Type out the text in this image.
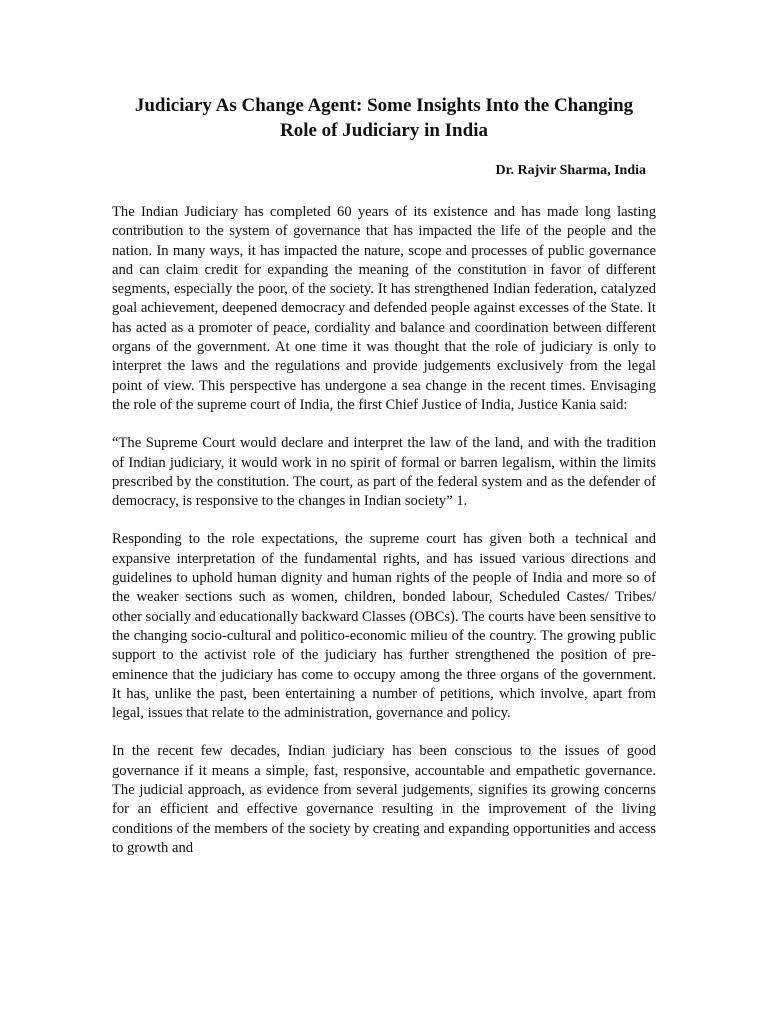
Judiciary As Change Agent: Some Insights Into the Changing Role of Judiciary in India
Dr. Rajvir Sharma, India

The Indian Judiciary has completed 60 years of its existence and has made long lasting contribution to the system of governance that has impacted the life of the people and the nation. In many ways, it has impacted the nature, scope and processes of public governance and can claim credit for expanding the meaning of the constitution in favor of different segments, especially the poor, of the society. It has strengthened Indian federation, catalyzed goal achievement, deepened democracy and defended people against excesses of the State. It has acted as a promoter of peace, cordiality and balance and coordination between different organs of the government. At one time it was thought that the role of judiciary is only to interpret the laws and the regulations and provide judgements exclusively from the legal point of view. This perspective has undergone a sea change in the recent times. Envisaging the role of the supreme court of India, the first Chief Justice of India, Justice Kania said:

“The Supreme Court would declare and interpret the law of the land, and with the tradition of Indian judiciary, it would work in no spirit of formal or barren legalism, within the limits prescribed by the constitution. The court, as part of the federal system and as the defender of democracy, is responsive to the changes in Indian society” 1.

Responding to the role expectations, the supreme court has given both a technical and expansive interpretation of the fundamental rights, and has issued various directions and guidelines to uphold human dignity and human rights of the people of India and more so of the weaker sections such as women, children, bonded labour, Scheduled Castes/ Tribes/ other socially and educationally backward Classes (OBCs). The courts have been sensitive to the changing socio-cultural and politico-economic milieu of the country. The growing public support to the activist role of the judiciary has further strengthened the position of pre-eminence that the judiciary has come to occupy among the three organs of the government. It has, unlike the past, been entertaining a number of petitions, which involve, apart from legal, issues that relate to the administration, governance and policy.

In the recent few decades, Indian judiciary has been conscious to the issues of good governance if it means a simple, fast, responsive, accountable and empathetic governance. The judicial approach, as evidence from several judgements, signifies its growing concerns for an efficient and effective governance resulting in the improvement of the living conditions of the members of the society by creating and expanding opportunities and access to growth and
